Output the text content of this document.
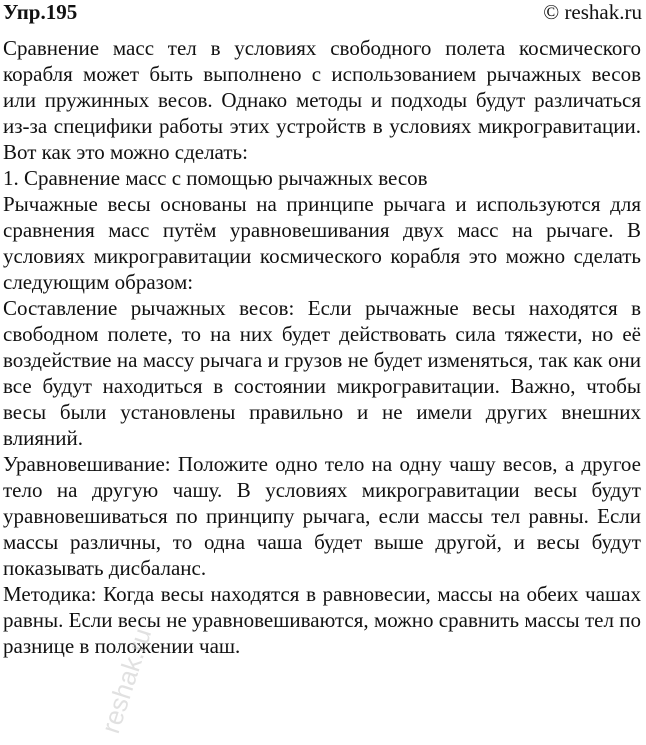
Упр.195	© reshak.ru

Сравнение масс тел в условиях свободного полета космического корабля может быть выполнено с использованием рычажных весов или пружинных весов. Однако методы и подходы будут различаться из-за специфики работы этих устройств в условиях микрогравитации. Вот как это можно сделать:

1. Сравнение масс с помощью рычажных весов

Рычажные весы основаны на принципе рычага и используются для сравнения масс путём уравновешивания двух масс на рычаге. В условиях микрогравитации космического корабля это можно сделать следующим образом:

Составление рычажных весов: Если рычажные весы находятся в свободном полете, то на них будет действовать сила тяжести, но её воздействие на массу рычага и грузов не будет изменяться, так как они все будут находиться в состоянии микрогравитации. Важно, чтобы весы были установлены правильно и не имели других внешних влияний.

Уравновешивание: Положите одно тело на одну чашу весов, а другое тело на другую чашу. В условиях микрогравитации весы будут уравновешиваться по принципу рычага, если массы тел равны. Если массы различны, то одна чаша будет выше другой, и весы будут показывать дисбаланс.

Методика: Когда весы находятся в равновесии, массы на обеих чашах равны. Если весы не уравновешиваются, можно сравнить массы тел по разнице в положении чаш.

reshak.ru
